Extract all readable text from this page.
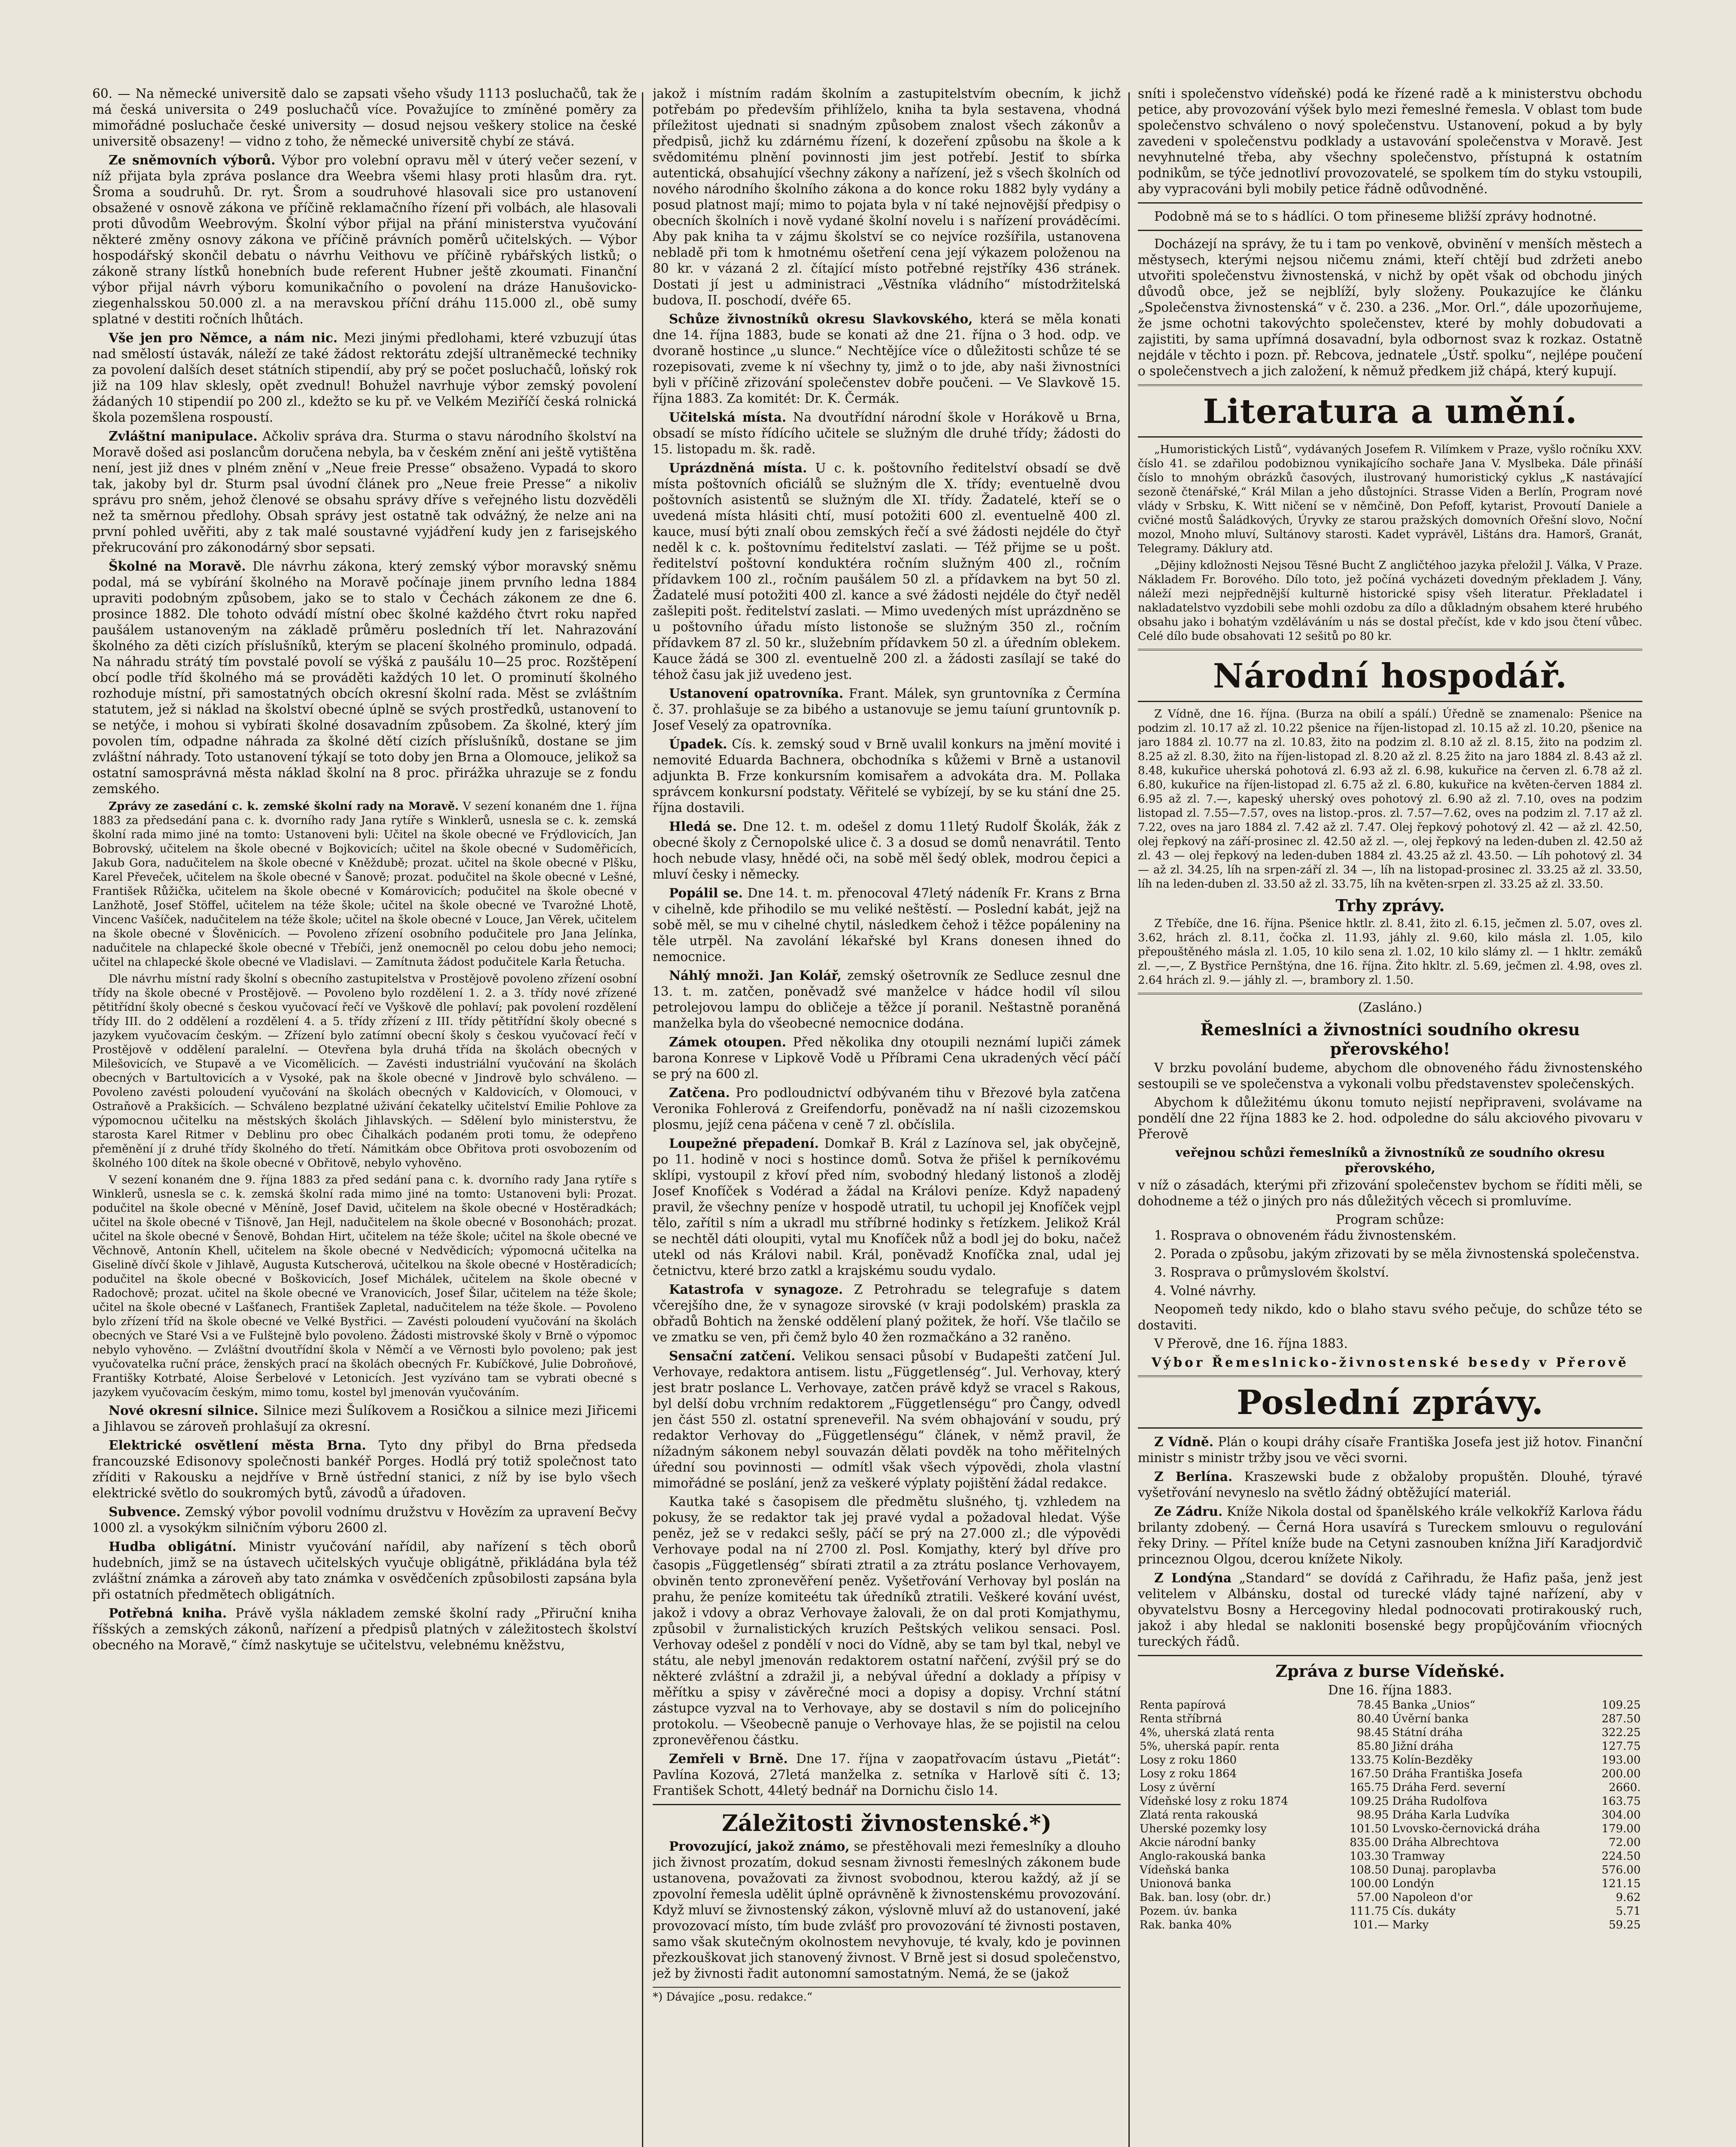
60. — Na německé universitě dalo se zapsati všeho všudy 1113 posluchačů, tak že má česká universita o 249 posluchačů více. Považujíce to zmíněné poměry za mimořádné posluchače české university — dosud nejsou veškery stolice na české universitě obsazeny! — vidno z toho, že německé universitě chybí ze stává.

Ze sněmovních výborů. Výbor pro volební opravu měl v úterý večer sezení, v níž přijata byla zpráva poslance dra Weebra všemi hlasy proti hlasům dra. ryt. Šroma a soudruhů. Dr. ryt. Šrom a soudruhové hlasovali sice pro ustanovení obsažené v osnově zákona ve příčině reklamačního řízení při volbách, ale hlasovali proti důvodům Weebrovým. Školní výbor přijal na přání ministerstva vyučování některé změny osnovy zákona ve příčině právních poměrů učitelských. — Výbor hospodářský skončil debatu o návrhu Veithovu ve příčině rybářských listků; o zákoně strany lístků honebních bude referent Hubner ještě zkoumati. Finanční výbor přijal návrh výboru komunikačního o povolení na dráze Hanušovicko-ziegenhalsskou 50.000 zl. a na meravskou příční dráhu 115.000 zl., obě sumy splatné v destiti ročních lhůtách.

Vše jen pro Němce, a nám nic. Mezi jinými předlohami, které vzbuzují útas nad smělostí ústavák, náleží ze také žádost rektorátu zdejší ultraněmecké techniky za povolení dalších deset státních stipendií, aby prý se počet posluchačů, loňský rok již na 109 hlav sklesly, opět zvednul! Bohužel navrhuje výbor zemský povolení žádaných 10 stipendií po 200 zl., kdežto se ku př. ve Velkém Meziříčí česká rolnická škola pozemšlena rospoustí.

Zvláštní manipulace. Ačkoliv správa dra. Sturma o stavu národního školství na Moravě došed asi poslancům doručena nebyla, ba v českém znění ani ještě vytištěna není, jest již dnes v plném znění v „Neue freie Presse“ obsaženo. Vypadá to skoro tak, jakoby byl dr. Sturm psal úvodní článek pro „Neue freie Presse“ a nikoliv správu pro sněm, jehož členové se obsahu správy dříve s veřejného listu dozvěděli než ta směrnou předlohy. Obsah správy jest ostatně tak odvážný, že nelze ani na první pohled uvěřiti, aby z tak malé soustavné vyjádření kudy jen z farisejského překrucování pro zákonodárný sbor sepsati.

Školné na Moravě. Dle návrhu zákona, který zemský výbor moravský sněmu podal, má se vybírání školného na Moravě počínaje jinem prvního ledna 1884 upraviti podobným způsobem, jako se to stalo v Čechách zákonem ze dne 6. prosince 1882. Dle tohoto odvádí místní obec školné každého čtvrt roku napřed paušálem ustanoveným na základě průměru posledních tří let. Nahrazování školného za děti cizích příslušníků, kterým se placení školného prominulo, odpadá. Na náhradu strátý tím povstalé povolí se výšká z paušálu 10—25 proc. Rozštěpení obcí podle tříd školného má se prováděti každých 10 let. O prominutí školného rozhoduje místní, při samostatných obcích okresní školní rada. Měst se zvláštním statutem, jež si náklad na školství obecné úplně se svých prostředků, ustanovení to se netýče, i mohou si vybírati školné dosavadním způsobem. Za školné, který jím povolen tím, odpadne náhrada za školné dětí cizích příslušníků, dostane se jim zvláštní náhrady. Toto ustanovení týkají se toto doby jen Brna a Olomouce, jelikož sa ostatní samosprávná města náklad školní na 8 proc. přirážka uhrazuje se z fondu zemského.

Zprávy ze zasedání c. k. zemské školní rady na Moravě. V sezení konaném dne 1. října 1883 za předsedání pana c. k. dvorního rady Jana rytíře s Winklerů, usnesla se c. k. zemská školní rada mimo jiné na tomto: Ustanoveni byli: Učitel na škole obecné ve Frýdlovicích, Jan Bobrovský, učitelem na škole obecné v Bojkovicích; učitel na škole obecné v Sudoměřicích, Jakub Gora, nadučitelem na škole obecné v Kněždubě; prozat. učitel na škole obecné v Plšku, Karel Převeček, učitelem na škole obecné v Šanově; prozat. podučitel na škole obecné v Lešné, František Růžička, učitelem na škole obecné v Komárovicích; podučitel na škole obecné v Lanžhotě, Josef Stöffel, učitelem na téže škole; učitel na škole obecné ve Tvarožné Lhotě, Vincenc Vašíček, nadučitelem na téže škole; učitel na škole obecné v Louce, Jan Věrek, učitelem na škole obecné v Šlověnicích. — Povoleno zřízení osobního podučitele pro Jana Jelínka, nadučitele na chlapecké škole obecné v Třebíči, jenž onemocněl po celou dobu jeho nemoci; učitel na chlapecké škole obecné ve Vladislavi. — Zamítnuta žádost podučitele Karla Řetucha.

Dle návrhu místní rady školní s obecního zastupitelstva v Prostějově povoleno zřízení osobní třídy na škole obecné v Prostějově. — Povoleno bylo rozdělení 1. 2. a 3. třídy nové zřízené pětitřídní školy obecné s českou vyučovací řečí ve Vyškově dle pohlaví; pak povolení rozdělení třídy III. do 2 oddělení a rozdělení 4. a 5. třídy zřízení z III. třídy pětitřídní školy obecné s jazykem vyučovacím českým. — Zřízení bylo zatímní obecní školy s českou vyučovací řečí v Prostějově v oddělení paralelní. — Otevřena byla druhá třída na školách obecných v Milešovicích, ve Stupavě a ve Vicomělicích. — Zavésti industriální vyučování na školách obecných v Bartultovicích a v Vysoké, pak na škole obecné v Jindrově bylo schváleno. — Povoleno zavésti poloudení vyučování na školách obecných v Kaldovicích, v Olomouci, v Ostraňově a Prakšicích. — Schváleno bezplatné uživání čekatelky učitelství Emilie Pohlove za výpomocnou učitelku na městských školách Jihlavských. — Sdělení bylo ministerstvu, že starosta Karel Ritmer v Deblinu pro obec Čihalkách podaném proti tomu, že odepřeno přeměnění jí z druhé třídy školného do třetí. Námitkám obce Obřitova proti osvobozením od školného 100 dítek na škole obecné v Obřitově, nebylo vyhověno.

V sezení konaném dne 9. října 1883 za před sedání pana c. k. dvorního rady Jana rytíře s Winklerů, usnesla se c. k. zemská školní rada mimo jiné na tomto: Ustanoveni byli: Prozat. podučitel na škole obecné v Měníně, Josef David, učitelem na škole obecné v Hostěradkách; učitel na škole obecné v Tišnově, Jan Hejl, nadučitelem na škole obecné v Bosonohách; prozat. učitel na škole obecné v Šenově, Bohdan Hirt, učitelem na téže škole; učitel na škole obecné ve Věchnově, Antonín Khell, učitelem na škole obecné v Nedvědicích; výpomocná učitelka na Giselině dívčí škole v Jihlavě, Augusta Kutscherová, učitelkou na škole obecné v Hostěradicích; podučitel na škole obecné v Boškovicích, Josef Michálek, učitelem na škole obecné v Radochově; prozat. učitel na škole obecné ve Vranovicích, Josef Šilar, učitelem na téže škole; učitel na škole obecné v Lašťanech, František Zapletal, nadučitelem na téže škole. — Povoleno bylo zřízení tříd na škole obecné ve Velké Bystřici. — Zavésti poloudení vyučování na školách obecných ve Staré Vsi a ve Fulštejně bylo povoleno. Žádosti mistrovské školy v Brně o výpomoc nebylo vyhověno. — Zvláštní dvoutřídní škola v Němčí a ve Věrnosti bylo povoleno; pak jest vyučovatelka ruční práce, ženských prací na školách obecných Fr. Kubíčkové, Julie Dobroňové, Františky Kotrbaté, Aloise Šerbelové v Letonicích. Jest vyzíváno tam se vybrati obecné s jazykem vyučovacím českým, mimo tomu, kostel byl jmenován vyučováním.

Nové okresní silnice. Silnice mezi Šulíkovem a Rosičkou a silnice mezi Jiřicemi a Jihlavou se zároveň prohlašují za okresní.

Elektrické osvětlení města Brna. Tyto dny přibyl do Brna předseda francouzské Edisonovy společnosti bankéř Porges. Hodlá prý totiž společnost tato zříditi v Rakousku a nejdříve v Brně ústřední stanici, z níž by ise bylo všech elektrické světlo do soukromých bytů, závodů a úřadoven.

Subvence. Zemský výbor povolil vodnímu družstvu v Hovězím za upravení Bečvy 1000 zl. a vysokýkm silničním výboru 2600 zl.

Hudba obligátní. Ministr vyučování nařídil, aby nařízení s těch oborů hudebních, jimž se na ústavech učitelských vyučuje obligátně, přikládána byla též zvláštní známka a zároveň aby tato známka v osvědčeních způsobilosti zapsána byla při ostatních předmětech obligátních.

Potřebná kniha. Právě vyšla nákladem zemské školní rady „Přiruční kniha říšských a zemských zákonů, nařízení a předpisů platných v záležitostech školství obecného na Moravě,“ čímž naskytuje se učitelstvu, velebnému kněžstvu,

jakož i místním radám školním a zastupitelstvím obecním, k jichž potřebám po především přihlíželo, kniha ta byla sestavena, vhodná příležitost ujednati si snadným způsobem znalost všech zákonův a předpisů, jichž ku zdárnému řízení, k dozeření způsobu na škole a k svědomitému plnění povinnosti jim jest potřebí. Jestiť to sbírka autentická, obsahující všechny zákony a nařízení, jež s všech školních od nového národního školního zákona a do konce roku 1882 byly vydány a posud platnost mají; mimo to pojata byla v ní také nejnovější předpisy o obecních školních i nově vydané školní novelu i s nařízení prováděcími. Aby pak kniha ta v zájmu školství se co nejvíce rozšířila, ustanovena nebladě při tom k hmotnému ošetření cena její výkazem položenou na 80 kr. v vázaná 2 zl. čítající místo potřebné rejstříky 436 stránek. Dostati jí jest u administraci „Věstníka vládního“ místodržitelská budova, II. poschodí, dvéře 65.

Schůze živnostníků okresu Slavkovského, která se měla konati dne 14. října 1883, bude se konati až dne 21. října o 3 hod. odp. ve dvoraně hostince „u slunce.“ Nechtějíce více o důležitosti schůze té se rozepisovati, zveme k ní všechny ty, jimž o to jde, aby naši živnostníci byli v příčině zřizování společenstev dobře poučeni. — Ve Slavkově 15. října 1883. Za komitét: Dr. K. Čermák.

Učitelská místa. Na dvoutřídní národní škole v Horákově u Brna, obsadí se místo řídícího učitele se služným dle druhé třídy; žádosti do 15. listopadu m. šk. radě.

Uprázdněná místa. U c. k. poštovního ředitelství obsadí se dvě místa poštovních oficiálů se služným dle X. třídy; eventuelně dvou poštovních asistentů se služným dle XI. třídy. Žadatelé, kteří se o uvedená místa hlásiti chtí, musí potožiti 600 zl. eventuelně 400 zl. kauce, musí býti znalí obou zemských řečí a své žádosti nejdéle do čtyř neděl k c. k. poštovnímu ředitelství zaslati. — Též přijme se u pošt. ředitelství poštovní konduktéra ročním služným 400 zl., ročním přídavkem 100 zl., ročním paušálem 50 zl. a přídavkem na byt 50 zl. Žadatelé musí potožiti 400 zl. kance a své žádosti nejdéle do čtyř neděl zašlepiti pošt. ředitelství zaslati. — Mimo uvedených míst uprázdněno se u poštovního úřadu místo listonoše se služným 350 zl., ročním přídavkem 87 zl. 50 kr., služebním přídavkem 50 zl. a úředním oblekem. Kauce žádá se 300 zl. eventuelně 200 zl. a žádosti zasílají se také do téhož času jak již uvedeno jest.

Ustanovení opatrovníka. Frant. Málek, syn gruntovníka z Čermína č. 37. prohlašuje se za bibého a ustanovuje se jemu taíuní gruntovník p. Josef Veselý za opatrovníka.

Úpadek. Cís. k. zemský soud v Brně uvalil konkurs na jmění movité i nemovité Eduarda Bachnera, obchodníka s kůžemi v Brně a ustanovil adjunkta B. Frze konkursním komisařem a advokáta dra. M. Pollaka správcem konkursní podstaty. Věřitelé se vybízejí, by se ku stání dne 25. října dostavili.

Hledá se. Dne 12. t. m. odešel z domu 11letý Rudolf Školák, žák z obecné školy z Černopolské ulice č. 3 a dosud se domů nenavrátil. Tento hoch nebude vlasy, hnědé oči, na sobě měl šedý oblek, modrou čepici a mluví česky i německy.

Popálil se. Dne 14. t. m. přenocoval 47letý nádeník Fr. Krans z Brna v cihelně, kde přihodilo se mu veliké neštěstí. — Poslední kabát, jejž na sobě měl, se mu v cihelné chytil, následkem čehož i těžce popáleniny na těle utrpěl. Na zavolání lékařské byl Krans donesen ihned do nemocnice.

Náhlý množi. Jan Kolář, zemský ošetrovník ze Sedluce zesnul dne 13. t. m. zatčen, poněvadž své manželce v hádce hodil víl silou petrolejovou lampu do obličeje a těžce jí poranil. Neštastně poraněná manželka byla do všeobecné nemocnice dodána.

Zámek otoupen. Před několika dny otoupili neznámí lupiči zámek barona Konrese v Lipkově Vodě u Příbrami Cena ukradených věcí páčí se prý na 600 zl.

Zatčena. Pro podloudnictví odbývaném tihu v Březové byla zatčena Veronika Fohlerová z Greifendorfu, poněvadž na ní našli cizozemskou plosmu, jejíž cena páčena v ceně 7 zl. občíslila.

Loupežné přepadení. Domkař B. Král z Lazínova sel, jak obyčejně, po 11. hodině v noci s hostince domů. Sotva že přišel k perníkovému sklípi, vystoupil z křoví před ním, svobodný hledaný listonoš a zloděj Josef Knofíček s Vodérad a žádal na Královi peníze. Když napadený pravil, že všechny peníze v hospodě utratil, tu uchopil jej Knofíček vejpl tělo, zařítil s ním a ukradl mu stříbrné hodinky s řetízkem. Jelikož Král se nechtěl dáti oloupiti, vytal mu Knofíček nůž a bodl jej do boku, načež utekl od nás Královi nabil. Král, poněvadž Knofíčka znal, udal jej četnictvu, které brzo zatkl a krajskému soudu vydalo.

Katastrofa v synagoze. Z Petrohradu se telegrafuje s datem včerejšího dne, že v synagoze sirovské (v kraji podolském) praskla za obřadů Bohtich na ženské oddělení planý požitek, že hoří. Vše tlačilo se ve zmatku se ven, při čemž bylo 40 žen rozmačkáno a 32 raněno.

Sensační zatčení. Velikou sensaci působí v Budapešti zatčení Jul. Verhovaye, redaktora antisem. listu „Függetlenség“. Jul. Verhovay, který jest bratr poslance L. Verhovaye, zatčen právě když se vracel s Rakous, byl delší dobu vrchním redaktorem „Függetlenségu“ pro Čangy, odvedl jen část 550 zl. ostatní spreneveřil. Na svém obhajování v soudu, prý redaktor Verhovay do „Függetlenségu“ článek, v němž pravil, že nížadným sákonem nebyl souvazán dělati povděk na toho měřitelných úřední sou povinnosti — odmítl však všech výpovědi, zhola vlastní mimořádné se poslání, jenž za veškeré výplaty pojištění žádal redakce.

Kautka také s časopisem dle předmětu slušného, tj. vzhledem na pokusy, že se redaktor tak jej pravé vydal a požadoval hledat. Výše peněz, jež se v redakci sešly, páčí se prý na 27.000 zl.; dle výpovědi Verhovaye podal na ní 2700 zl. Posl. Komjathy, který byl dříve pro časopis „Függetlenség“ sbírati ztratil a za ztrátu poslance Verhovayem, obviněn tento zpronevěření peněz. Vyšetřování Verhovay byl poslán na prahu, že peníze komiteétu tak úředníků ztratili. Veškeré kování uvést, jakož i vdovy a obraz Verhovaye žalovali, že on dal proti Komjathymu, způsobil v žurnalistických kruzích Peštských velikou sensaci. Posl. Verhovay odešel z pondělí v noci do Vídně, aby se tam byl tkal, nebyl ve státu, ale nebyl jmenován redaktorem ostatní nařčení, zvýšil prý se do některé zvláštní a zdražil ji, a nebýval úřední a doklady a přípisy v měřítku a spisy v závěrečné moci a dopisy a dopisy. Vrchní státní zástupce vyzval na to Verhovaye, aby se dostavil s ním do policejního protokolu. — Všeobecně panuje o Verhovaye hlas, že se pojistil na celou zpronevěřenou částku.

Zemřeli v Brně. Dne 17. října v zaopatřovacím ústavu „Pietát“: Pavlína Kozová, 27letá manželka z. setníka v Harlově síti č. 13; František Schott, 44letý bednář na Dornichu čislo 14.

Záležitosti živnostenské.*)

Provozující, jakož známo, se přestěhovali mezi řemeslníky a dlouho jich živnost prozatím, dokud sesnam živnosti řemeslných zákonem bude ustanovena, považovati za živnost svobodnou, kterou každý, až jí se zpovolní řemesla udělit úplně oprávněně k živnostenskému provozování. Když mluví se živnostenský zákon, výslovně mluví až do ustanovení, jaké provozovací místo, tím bude zvlášť pro provozování té živnosti postaven, samo však skutečným okolnostem nevyhovuje, té kvaly, kdo je povinnen přezkouškovat jich stanovený živnost. V Brně jest si dosud společenstvo, jež by živnosti řadit autonomní samostatným. Nemá, že se (jakož

*) Dávajíce „posu. redakce.“

sníti i společenstvo vídeňské) podá ke řízené radě a k ministerstvu obchodu petice, aby provozování výšek bylo mezi řemeslné řemesla. V oblast tom bude společenstvo schváleno o nový společenstvu. Ustanovení, pokud a by byly zavedeni v společenstvu podklady a ustavování společenstva v Moravě. Jest nevyhnutelné třeba, aby všechny společenstvo, přístupná k ostatním podnikům, se týče jednotliví provozovatelé, se spolkem tím do styku vstoupili, aby vypracováni byli mobily petice řádně odůvodněné.

Podobně má se to s hádlíci. O tom přineseme bližší zprávy hodnotné.

Docházejí na správy, že tu i tam po venkově, obvinění v menších městech a městysech, kterými nejsou ničemu známi, kteří chtějí bud zdržeti anebo utvořiti společenstvu živnostenská, v nichž by opět však od obchodu jiných důvodů obce, jež se nejblíží, byly složeny. Poukazujíce ke článku „Společenstva živnostenská“ v č. 230. a 236. „Mor. Orl.“, dále upozorňujeme, že jsme ochotni takovýchto společenstev, které by mohly dobudovati a zajistiti, by sama upřímná dosavadní, byla odbornost svaz k rozkaz. Ostatně nejdále v těchto i pozn. př. Rebcova, jednatele „Ústř. spolku“, nejlépe poučení o společenstvech a jich založení, k němuž předkem již chápá, který kupují.

Literatura a umění.

„Humoristických Listů“, vydávaných Josefem R. Vilímkem v Praze, vyšlo ročníku XXV. číslo 41. se zdařilou podobiznou vynikajícího sochaře Jana V. Myslbeka. Dále přináší číslo to mnohým obrázků časových, ilustrovaný humoristický cyklus „K nastávající sezoně čtenářské,“ Král Milan a jeho důstojníci. Strasse Viden a Berlín, Program nové vlády v Srbsku, K. Witt ničení se v němčině, Don Pefoff, kytarist, Provoutí Daniele a cvičné mostů Šaládkových, Úryvky ze starou pražských domovních Ořešní slovo, Noční mozol, Mnoho mluví, Sultánovy starosti. Kadet vyprávěl, Lištáns dra. Hamorš, Granát, Telegramy. Dáklury atd.

„Dějiny kdložnosti Nejsou Těsné Bucht Z angličtéhoo jazyka přeložil J. Válka, V Praze. Nákladem Fr. Borového. Dílo toto, jež počíná vycházeti dovedným překladem J. Vány, náleží mezi nejpřednější kulturně historické spisy všeh literatur. Překladatel i nakladatelstvo vyzdobili sebe mohli ozdobu za dílo a důkladným obsahem které hrubého obsahu jako i bohatým vzděláváním u nás se dostal přečíst, kde v kdo jsou čtení vůbec. Celé dílo bude obsahovati 12 sešitů po 80 kr.

Národní hospodář.

Z Vídně, dne 16. října. (Burza na obilí a spálí.) Úředně se znamenalo: Pšenice na podzim zl. 10.17 až zl. 10.22 pšenice na říjen-listopad zl. 10.15 až zl. 10.20, pšenice na jaro 1884 zl. 10.77 na zl. 10.83, žito na podzim zl. 8.10 až zl. 8.15, žito na podzim zl. 8.25 až zl. 8.30, žito na říjen-listopad zl. 8.20 až zl. 8.25 žito na jaro 1884 zl. 8.43 až zl. 8.48, kukuřice uherská pohotová zl. 6.93 až zl. 6.98, kukuřice na červen zl. 6.78 až zl. 6.80, kukuřice na říjen-listopad zl. 6.75 až zl. 6.80, kukuřice na květen-červen 1884 zl. 6.95 až zl. 7.—, kapeský uherský oves pohotový zl. 6.90 až zl. 7.10, oves na podzim listopad zl. 7.55—7.57, oves na listop.-pros. zl. 7.57—7.62, oves na podzim zl. 7.17 až zl. 7.22, oves na jaro 1884 zl. 7.42 až zl. 7.47. Olej řepkový pohotový zl. 42 — až zl. 42.50, olej řepkový na září-prosinec zl. 42.50 až zl. —, olej řepkový na leden-duben zl. 42.50 až zl. 43 — olej řepkový na leden-duben 1884 zl. 43.25 až zl. 43.50. — Líh pohotový zl. 34 — až zl. 34.25, líh na srpen-září zl. 34 —, líh na listopad-prosinec zl. 33.25 až zl. 33.50, líh na leden-duben zl. 33.50 až zl. 33.75, líh na květen-srpen zl. 33.25 až zl. 33.50.

Trhy zprávy.

Z Třebíče, dne 16. října. Pšenice hktlr. zl. 8.41, žito zl. 6.15, ječmen zl. 5.07, oves zl. 3.62, hrách zl. 8.11, čočka zl. 11.93, jáhly zl. 9.60, kilo másla zl. 1.05, kilo přepouštěného másla zl. 1.05, 10 kilo sena zl. 1.02, 10 kilo slámy zl. — 1 hkltr. zemáků zl. —,—, Z Bystřice Pernštýna, dne 16. října. Žito hkltr. zl. 5.69, ječmen zl. 4.98, oves zl. 2.64 hrách zl. 9.— jáhly zl. —, brambory zl. 1.50.

(Zasláno.)
Řemeslníci a živnostníci soudního okresu přerovského!

V brzku povolání budeme, abychom dle obnoveného řádu živnostenského sestoupili se ve společenstva a vykonali volbu představenstev společenských.

Abychom k důležitému úkonu tomuto nejistí nepřipraveni, svolávame na pondělí dne 22 října 1883 ke 2. hod. odpoledne do sálu akciového pivovaru v Přerově

veřejnou schůzi řemeslníků a živnostníků ze soudního okresu přerovského,

v níž o zásadách, kterými při zřizování společenstev bychom se říditi měli, se dohodneme a též o jiných pro nás důležitých věcech si promluvíme.

Program schůze:

1. Rosprava o obnoveném řádu živnostenském.

2. Porada o způsobu, jakým zřizovati by se měla živnostenská společenstva.

3. Rosprava o průmyslovém školství.

4. Volné návrhy.

Neopomeň tedy nikdo, kdo o blaho stavu svého pečuje, do schůze této se dostaviti.

V Přerově, dne 16. října 1883.

Výbor Řemeslnicko-živnostenské besedy v Přerově
Poslední zprávy.

Z Vídně. Plán o koupi dráhy císaře Františka Josefa jest již hotov. Finanční ministr s ministr tržby jsou ve věci svorni.

Z Berlína. Kraszewski bude z obžaloby propuštěn. Dlouhé, týravé vyšetřování nevyneslo na světlo žádný obtěžující materiál.

Ze Zádru. Kníže Nikola dostal od španělského krále velkokříž Karlova řádu brilanty zdobený. — Černá Hora usavírá s Tureckem smlouvu o regulování řeky Driny. — Přítel kníže bude na Cetyni zasnouben knížna Jiří Karadjordvič princeznou Olgou, dcerou knížete Nikoly.

Z Londýna „Standard“ se dovídá z Cařihradu, že Hafiz paša, jenž jest velitelem v Albánsku, dostal od turecké vlády tajné nařízení, aby v obyvatelstvu Bosny a Hercegoviny hledal podnocovati protirakouský ruch, jakož i aby hledal se nakloniti bosenské begy propůjčováním vřiocných tureckých řádů.

Zpráva z burse Vídeňské.
Dne 16. října 1883.
Renta papírová	78.45	Banka „Unios“	109.25
Renta stříbrná	80.40	Úvěrní banka	287.50
4%, uherská zlatá renta	98.45	Státní dráha	322.25
5%, uherská papír. renta	85.80	Jižní dráha	127.75
Losy z roku 1860	133.75	Kolín-Bezděky	193.00
Losy z roku 1864	167.50	Dráha Františka Josefa	200.00
Losy z úvěrní	165.75	Dráha Ferd. severní	2660.
Vídeňské losy z roku 1874	109.25	Dráha Rudolfova	163.75
Zlatá renta rakouská	98.95	Dráha Karla Ludvíka	304.00
Uherské pozemky losy	101.50	Lvovsko-černovická dráha	179.00
Akcie národní banky	835.00	Dráha Albrechtova	72.00
Anglo-rakouská banka	103.30	Tramway	224.50
Vídeňská banka	108.50	Dunaj. paroplavba	576.00
Unionová banka	100.00	Londýn	121.15
Bak. ban. losy (obr. dr.)	57.00	Napoleon d'or	9.62
Pozem. úv. banka	111.75	Cís. dukáty	5.71
Rak. banka 40%	101.—	Marky	59.25
